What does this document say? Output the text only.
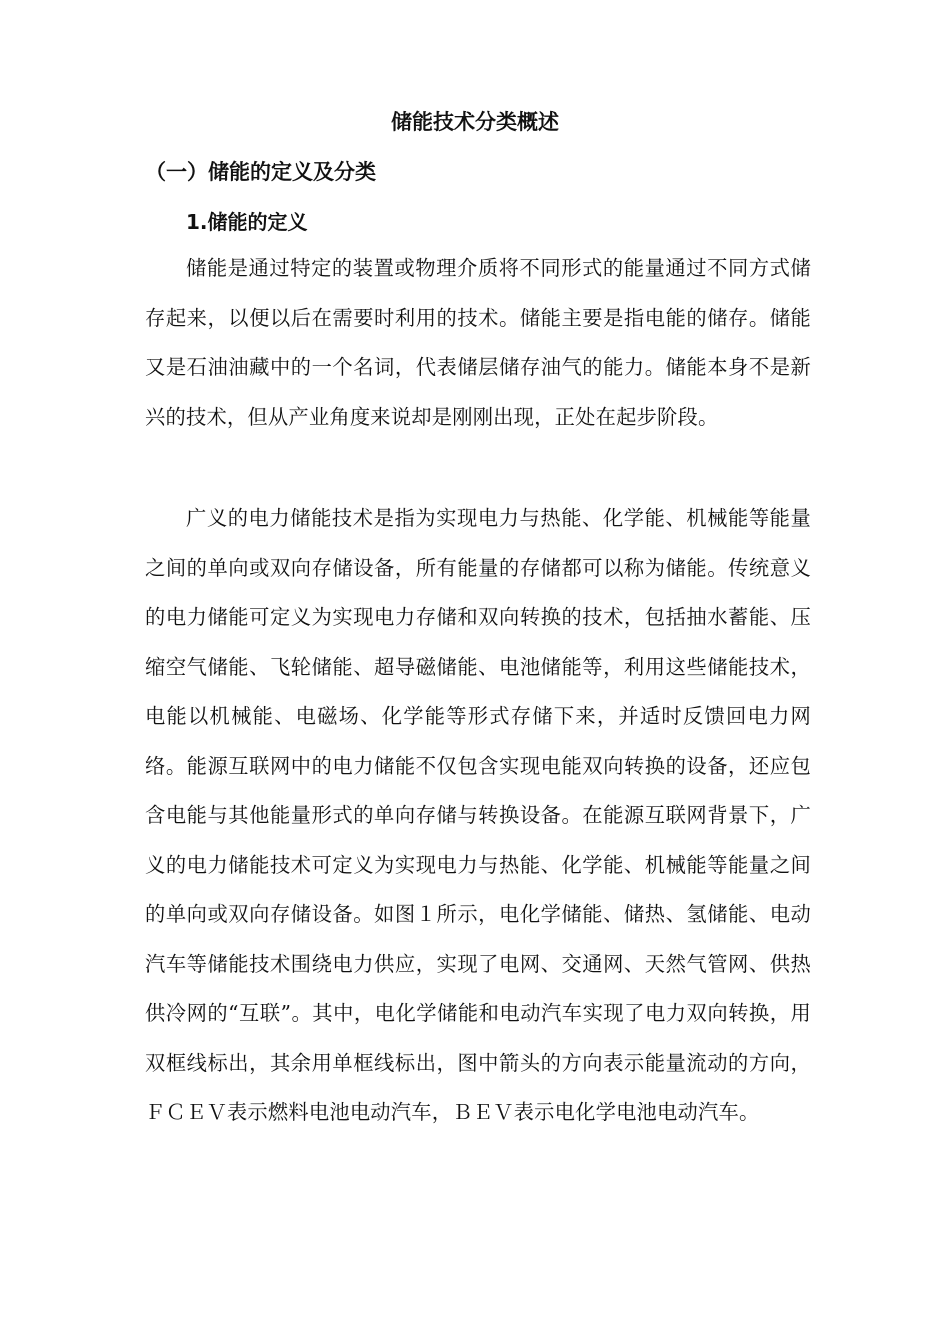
储能技术分类概述
（一）储能的定义及分类
1.储能的定义

储能是通过特定的装置或物理介质将不同形式的能量通过不同方式储存起来，以便以后在需要时利用的技术。储能主要是指电能的储存。储能又是石油油藏中的一个名词，代表储层储存油气的能力。储能本身不是新兴的技术，但从产业角度来说却是刚刚出现，正处在起步阶段。

广义的电力储能技术是指为实现电力与热能、化学能、机械能等能量之间的单向或双向存储设备，所有能量的存储都可以称为储能。传统意义的电力储能可定义为实现电力存储和双向转换的技术，包括抽水蓄能、压缩空气储能、飞轮储能、超导磁储能、电池储能等，利用这些储能技术，电能以机械能、电磁场、化学能等形式存储下来，并适时反馈回电力网络。能源互联网中的电力储能不仅包含实现电能双向转换的设备，还应包含电能与其他能量形式的单向存储与转换设备。在能源互联网背景下，广义的电力储能技术可定义为实现电力与热能、化学能、机械能等能量之间的单向或双向存储设备。如图１所示，电化学储能、储热、氢储能、电动汽车等储能技术围绕电力供应，实现了电网、交通网、天然气管网、供热供冷网的“互联”。其中，电化学储能和电动汽车实现了电力双向转换，用双框线标出，其余用单框线标出，图中箭头的方向表示能量流动的方向，ＦＣＥＶ表示燃料电池电动汽车，ＢＥＶ表示电化学电池电动汽车。
